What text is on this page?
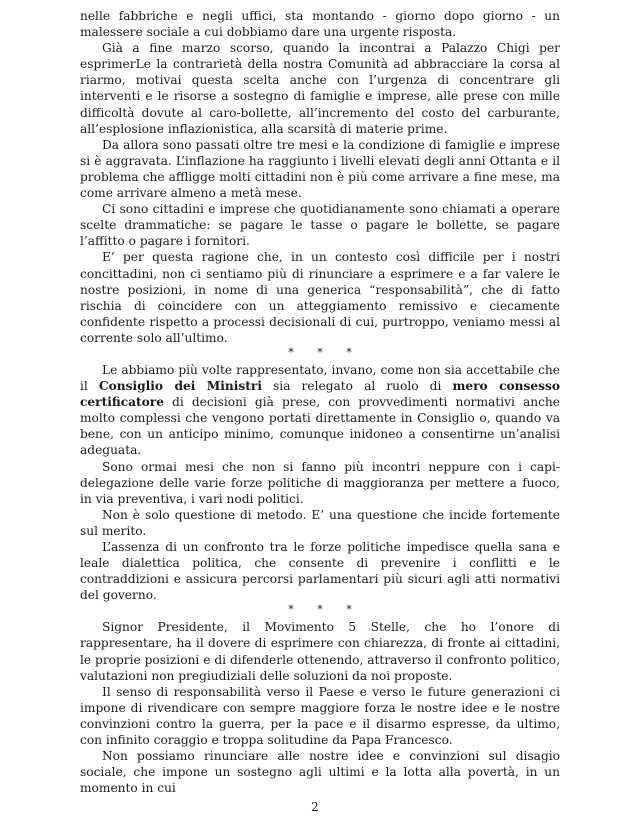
nelle fabbriche e negli uffici, sta montando - giorno dopo giorno - un malessere sociale a cui dobbiamo dare una urgente risposta.

Già a fine marzo scorso, quando la incontrai a Palazzo Chigi per esprimerLe la contrarietà della nostra Comunità ad abbracciare la corsa al riarmo, motivai questa scelta anche con l’urgenza di concentrare gli interventi e le risorse a sostegno di famiglie e imprese, alle prese con mille difficoltà dovute al caro-bollette, all’incremento del costo del carburante, all’esplosione inflazionistica, alla scarsità di materie prime.

Da allora sono passati oltre tre mesi e la condizione di famiglie e imprese si è aggravata. L’inflazione ha raggiunto i livelli elevati degli anni Ottanta e il problema che affligge molti cittadini non è più come arrivare a fine mese, ma come arrivare almeno a metà mese.

Ci sono cittadini e imprese che quotidianamente sono chiamati a operare scelte drammatiche: se pagare le tasse o pagare le bollette, se pagare l’affitto o pagare i fornitori.

E’ per questa ragione che, in un contesto così difficile per i nostri concittadini, non ci sentiamo più di rinunciare a esprimere e a far valere le nostre posizioni, in nome di una generica “responsabilità”, che di fatto rischia di coincidere con un atteggiamento remissivo e ciecamente confidente rispetto a processi decisionali di cui, purtroppo, veniamo messi al corrente solo all’ultimo.

* * *

Le abbiamo più volte rappresentato, invano, come non sia accettabile che il Consiglio dei Ministri sia relegato al ruolo di mero consesso certificatore di decisioni già prese, con provvedimenti normativi anche molto complessi che vengono portati direttamente in Consiglio o, quando va bene, con un anticipo minimo, comunque inidoneo a consentirne un’analisi adeguata.

Sono ormai mesi che non si fanno più incontri neppure con i capi-delegazione delle varie forze politiche di maggioranza per mettere a fuoco, in via preventiva, i vari nodi politici.

Non è solo questione di metodo. E’ una questione che incide fortemente sul merito.

L’assenza di un confronto tra le forze politiche impedisce quella sana e leale dialettica politica, che consente di prevenire i conflitti e le contraddizioni e assicura percorsi parlamentari più sicuri agli atti normativi del governo.

* * *

Signor Presidente, il Movimento 5 Stelle, che ho l’onore di rappresentare, ha il dovere di esprimere con chiarezza, di fronte ai cittadini, le proprie posizioni e di difenderle ottenendo, attraverso il confronto politico, valutazioni non pregiudiziali delle soluzioni da noi proposte.

Il senso di responsabilità verso il Paese e verso le future generazioni ci impone di rivendicare con sempre maggiore forza le nostre idee e le nostre convinzioni contro la guerra, per la pace e il disarmo espresse, da ultimo, con infinito coraggio e troppa solitudine da Papa Francesco.

Non possiamo rinunciare alle nostre idee e convinzioni sul disagio sociale, che impone un sostegno agli ultimi e la lotta alla povertà, in un momento in cui

2
